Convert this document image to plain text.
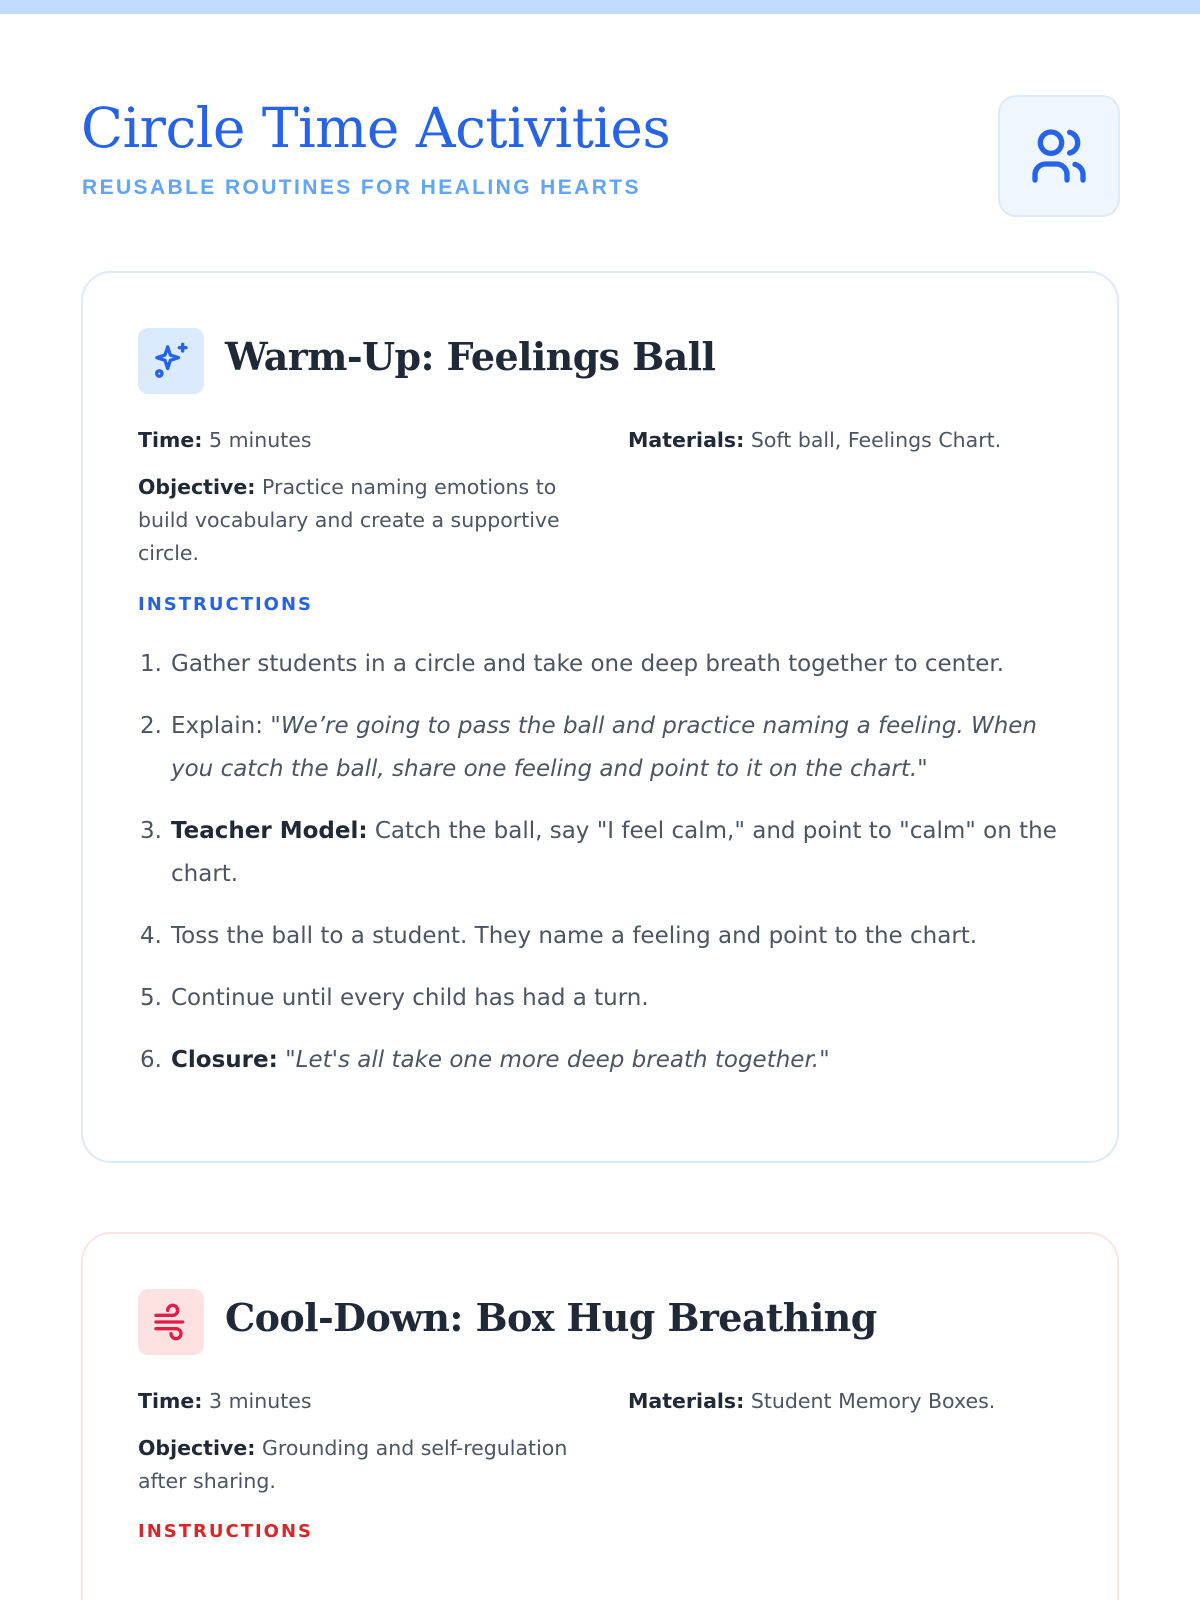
Circle Time Activities
REUSABLE ROUTINES FOR HEALING HEARTS
Warm-Up: Feelings Ball
Time: 5 minutes
Objective: Practice naming emotions to build vocabulary and create a supportive circle.
Materials: Soft ball, Feelings Chart.
INSTRUCTIONS
1. Gather students in a circle and take one deep breath together to center.
2. Explain: "We’re going to pass the ball and practice naming a feeling. When you catch the ball, share one feeling and point to it on the chart."
3. Teacher Model: Catch the ball, say "I feel calm," and point to "calm" on the chart.
4. Toss the ball to a student. They name a feeling and point to the chart.
5. Continue until every child has had a turn.
6. Closure: "Let's all take one more deep breath together."
Cool-Down: Box Hug Breathing
Time: 3 minutes
Objective: Grounding and self-regulation after sharing.
Materials: Student Memory Boxes.
INSTRUCTIONS
